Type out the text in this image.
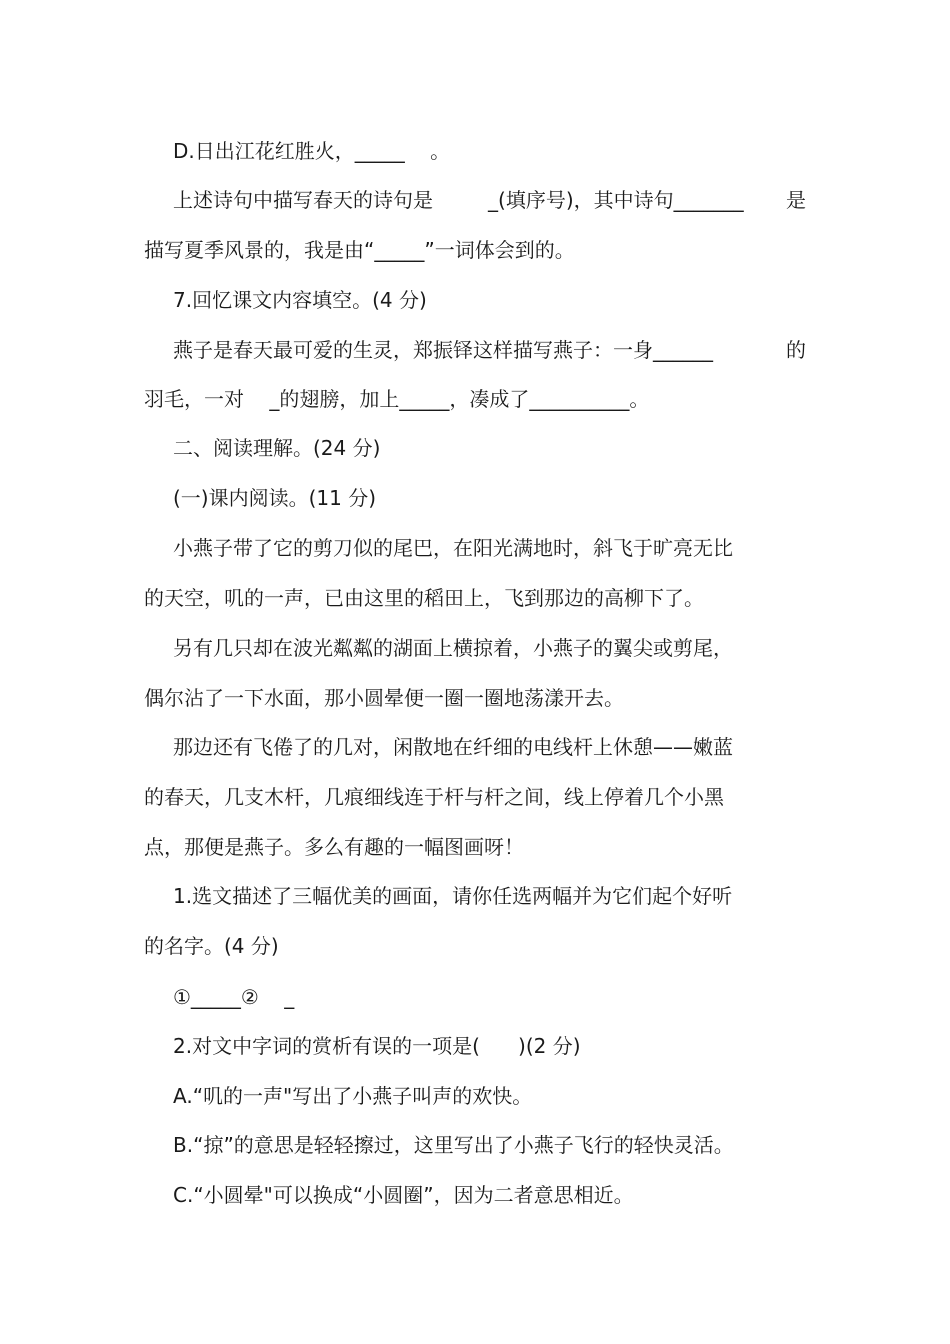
D.日出江花红胜火，_____    。
上述诗句中描写春天的诗句是 _(填序号)，其中诗句_______ 是
描写夏季风景的，我是由“_____”一词体会到的。
7.回忆课文内容填空。(4 分)
燕子是春天最可爱的生灵，郑振铎这样描写燕子：一身______	的
羽毛，一对    _的翅膀，加上_____，凑成了__________。
二、阅读理解。(24 分)
(一)课内阅读。(11 分)
小燕子带了它的剪刀似的尾巴，在阳光满地时，斜飞于旷亮无比
的天空，叽的一声，已由这里的稻田上，飞到那边的高柳下了。
另有几只却在波光粼粼的湖面上横掠着，小燕子的翼尖或剪尾，
偶尔沾了一下水面，那小圆晕便一圈一圈地荡漾开去。
那边还有飞倦了的几对，闲散地在纤细的电线杆上休憩——嫩蓝
的春天，几支木杆，几痕细线连于杆与杆之间，线上停着几个小黑
点，那便是燕子。多么有趣的一幅图画呀！
1.选文描述了三幅优美的画面，请你任选两幅并为它们起个好听
的名字。(4 分)
①_____②    _
2.对文中字词的赏析有误的一项是(      )(2 分)
A.“叽的一声"写出了小燕子叫声的欢快。
B.“掠”的意思是轻轻擦过，这里写出了小燕子飞行的轻快灵活。
C.“小圆晕"可以换成“小圆圈”，因为二者意思相近。
